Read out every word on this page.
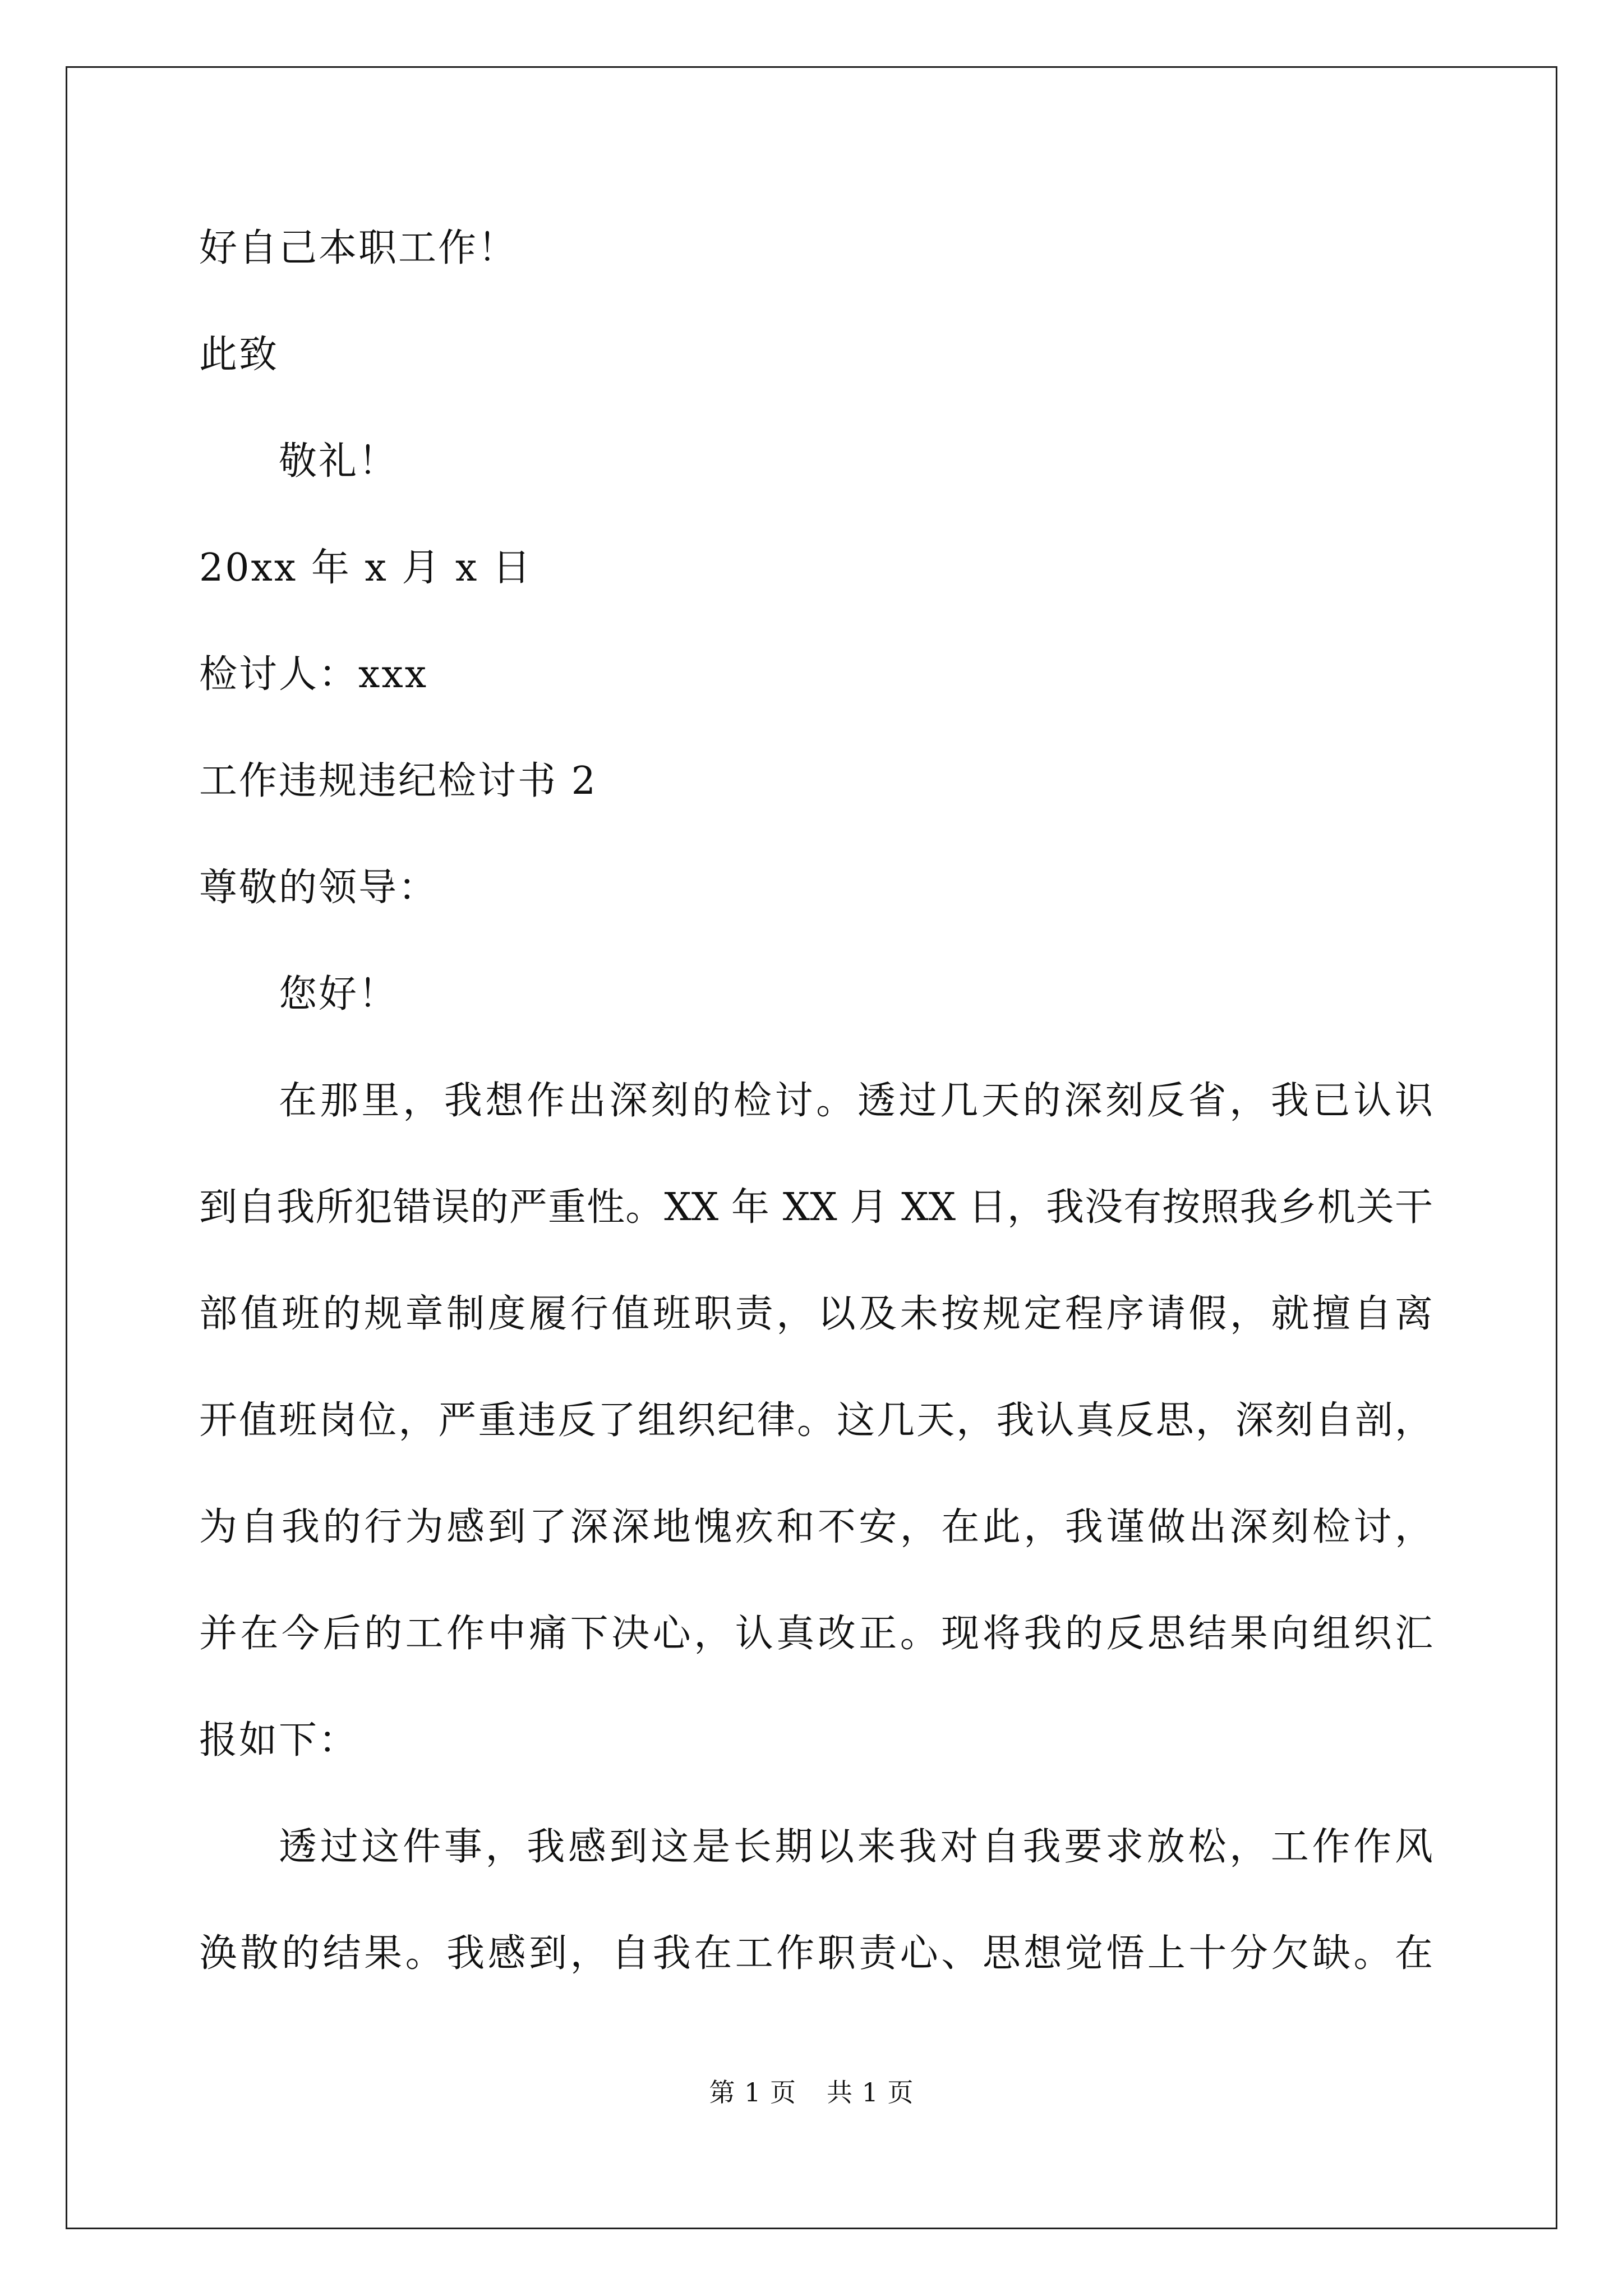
好自己本职工作！

此致

敬礼！

20xx 年 x 月 x 日

检讨人：xxx

工作违规违纪检讨书 2

尊敬的领导：

您好！

在那里，我想作出深刻的检讨。透过几天的深刻反省，我已认识

到自我所犯错误的严重性。XX 年 XX 月 XX 日，我没有按照我乡机关干

部值班的规章制度履行值班职责，以及未按规定程序请假，就擅自离

开值班岗位，严重违反了组织纪律。这几天，我认真反思，深刻自剖，

为自我的行为感到了深深地愧疚和不安，在此，我谨做出深刻检讨，

并在今后的工作中痛下决心，认真改正。现将我的反思结果向组织汇

报如下：

透过这件事，我感到这是长期以来我对自我要求放松，工作作风

涣散的结果。我感到，自我在工作职责心、思想觉悟上十分欠缺。在

第 1 页 共 1 页
